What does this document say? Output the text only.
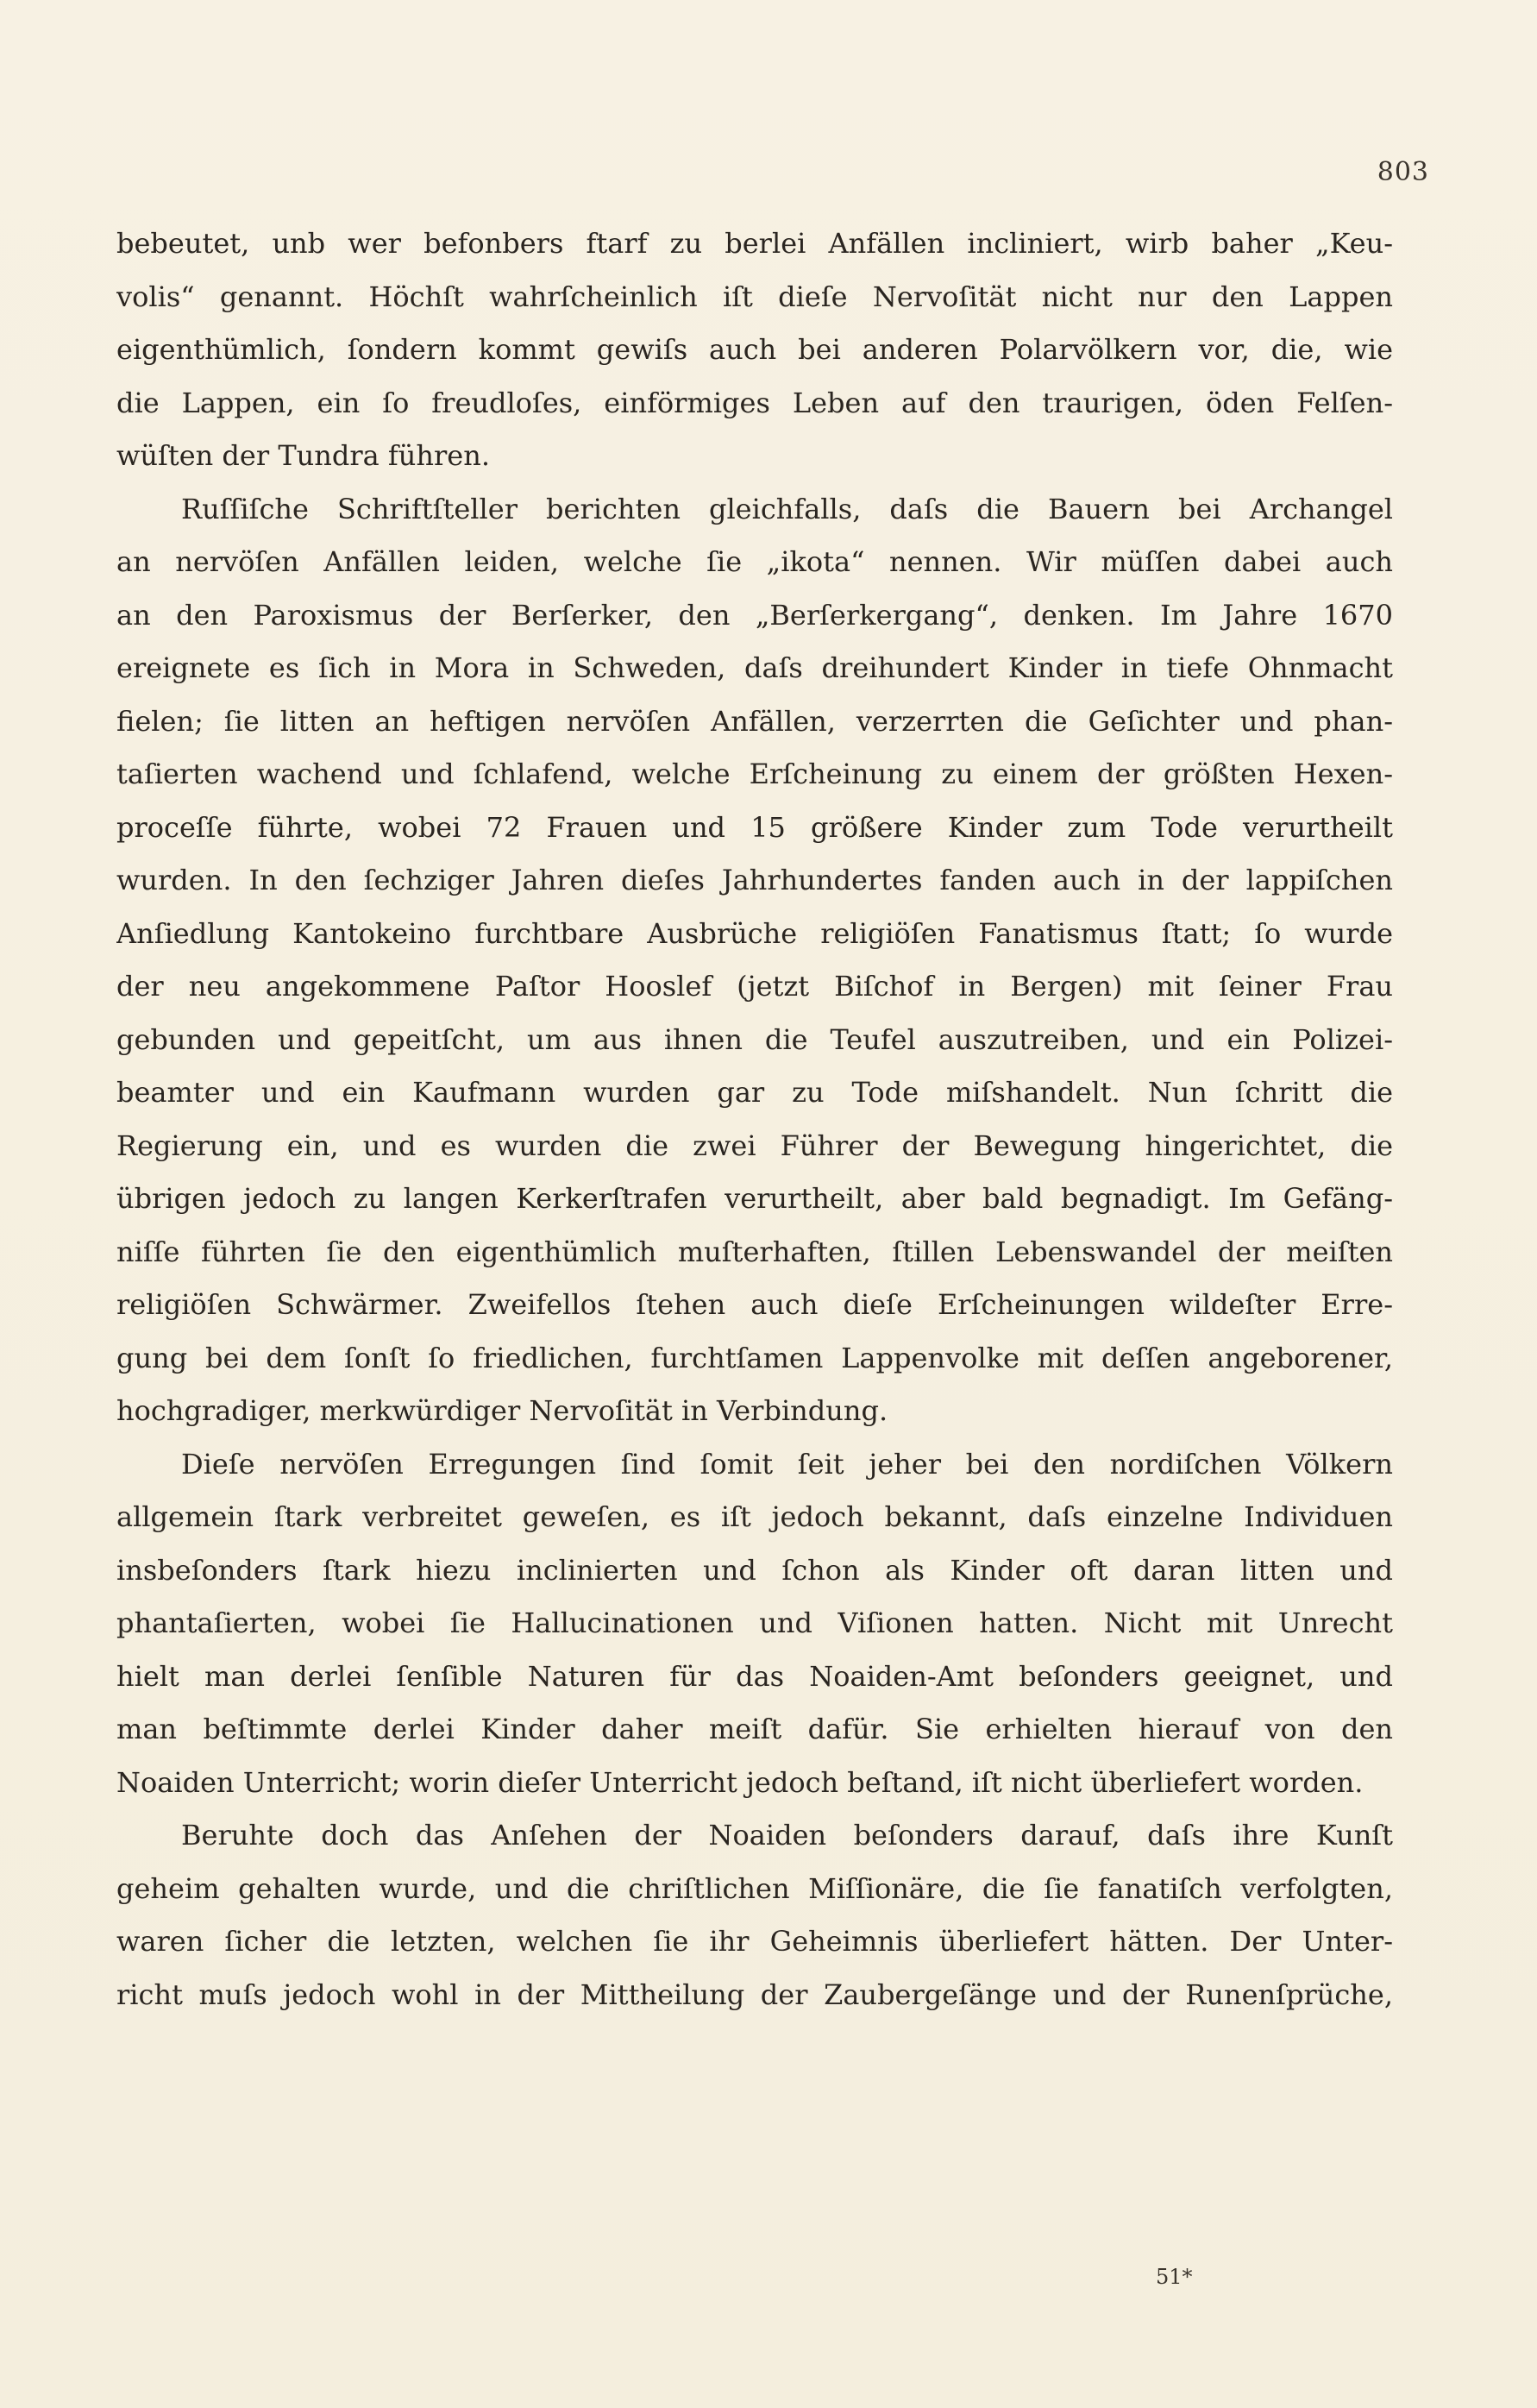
803
bebeutet, unb wer befonbers ftarf zu berlei Anfällen incliniert, wirb baher „Keu-
volis“ genannt. Höchſt wahrſcheinlich iſt dieſe Nervoſität nicht nur den Lappen
eigenthümlich, ſondern kommt gewiſs auch bei anderen Polarvölkern vor, die, wie
die Lappen, ein ſo freudloſes, einförmiges Leben auf den traurigen, öden Felſen-
wüſten der Tundra führen.
Ruſſiſche Schriftſteller berichten gleichfalls, daſs die Bauern bei Archangel
an nervöſen Anfällen leiden, welche ſie „ikota“ nennen. Wir müſſen dabei auch
an den Paroxismus der Berſerker, den „Berſerkergang“, denken. Im Jahre 1670
ereignete es ſich in Mora in Schweden, daſs dreihundert Kinder in tiefe Ohnmacht
fielen; ſie litten an heftigen nervöſen Anfällen, verzerrten die Geſichter und phan-
taſierten wachend und ſchlafend, welche Erſcheinung zu einem der größten Hexen-
proceſſe führte, wobei 72 Frauen und 15 größere Kinder zum Tode verurtheilt
wurden. In den ſechziger Jahren dieſes Jahrhundertes fanden auch in der lappiſchen
Anſiedlung Kantokeino furchtbare Ausbrüche religiöſen Fanatismus ſtatt; ſo wurde
der neu angekommene Paſtor Hooslef (jetzt Biſchof in Bergen) mit ſeiner Frau
gebunden und gepeitſcht, um aus ihnen die Teufel auszutreiben, und ein Polizei-
beamter und ein Kaufmann wurden gar zu Tode miſshandelt. Nun ſchritt die
Regierung ein, und es wurden die zwei Führer der Bewegung hingerichtet, die
übrigen jedoch zu langen Kerkerſtrafen verurtheilt, aber bald begnadigt. Im Gefäng-
niſſe führten ſie den eigenthümlich muſterhaften, ſtillen Lebenswandel der meiſten
religiöſen Schwärmer. Zweifellos ſtehen auch dieſe Erſcheinungen wildeſter Erre-
gung bei dem ſonſt ſo friedlichen, furchtſamen Lappenvolke mit deſſen angeborener,
hochgradiger, merkwürdiger Nervoſität in Verbindung.
Dieſe nervöſen Erregungen ſind ſomit ſeit jeher bei den nordiſchen Völkern
allgemein ſtark verbreitet geweſen, es iſt jedoch bekannt, daſs einzelne Individuen
insbeſonders ſtark hiezu inclinierten und ſchon als Kinder oft daran litten und
phantaſierten, wobei ſie Hallucinationen und Viſionen hatten. Nicht mit Unrecht
hielt man derlei ſenſible Naturen für das Noaiden-Amt beſonders geeignet, und
man beſtimmte derlei Kinder daher meiſt dafür. Sie erhielten hierauf von den
Noaiden Unterricht; worin dieſer Unterricht jedoch beſtand, iſt nicht überliefert worden.
Beruhte doch das Anſehen der Noaiden beſonders darauf, daſs ihre Kunſt
geheim gehalten wurde, und die chriſtlichen Miſſionäre, die ſie fanatiſch verfolgten,
waren ſicher die letzten, welchen ſie ihr Geheimnis überliefert hätten. Der Unter-
richt muſs jedoch wohl in der Mittheilung der Zaubergeſänge und der Runenſprüche,
51*
